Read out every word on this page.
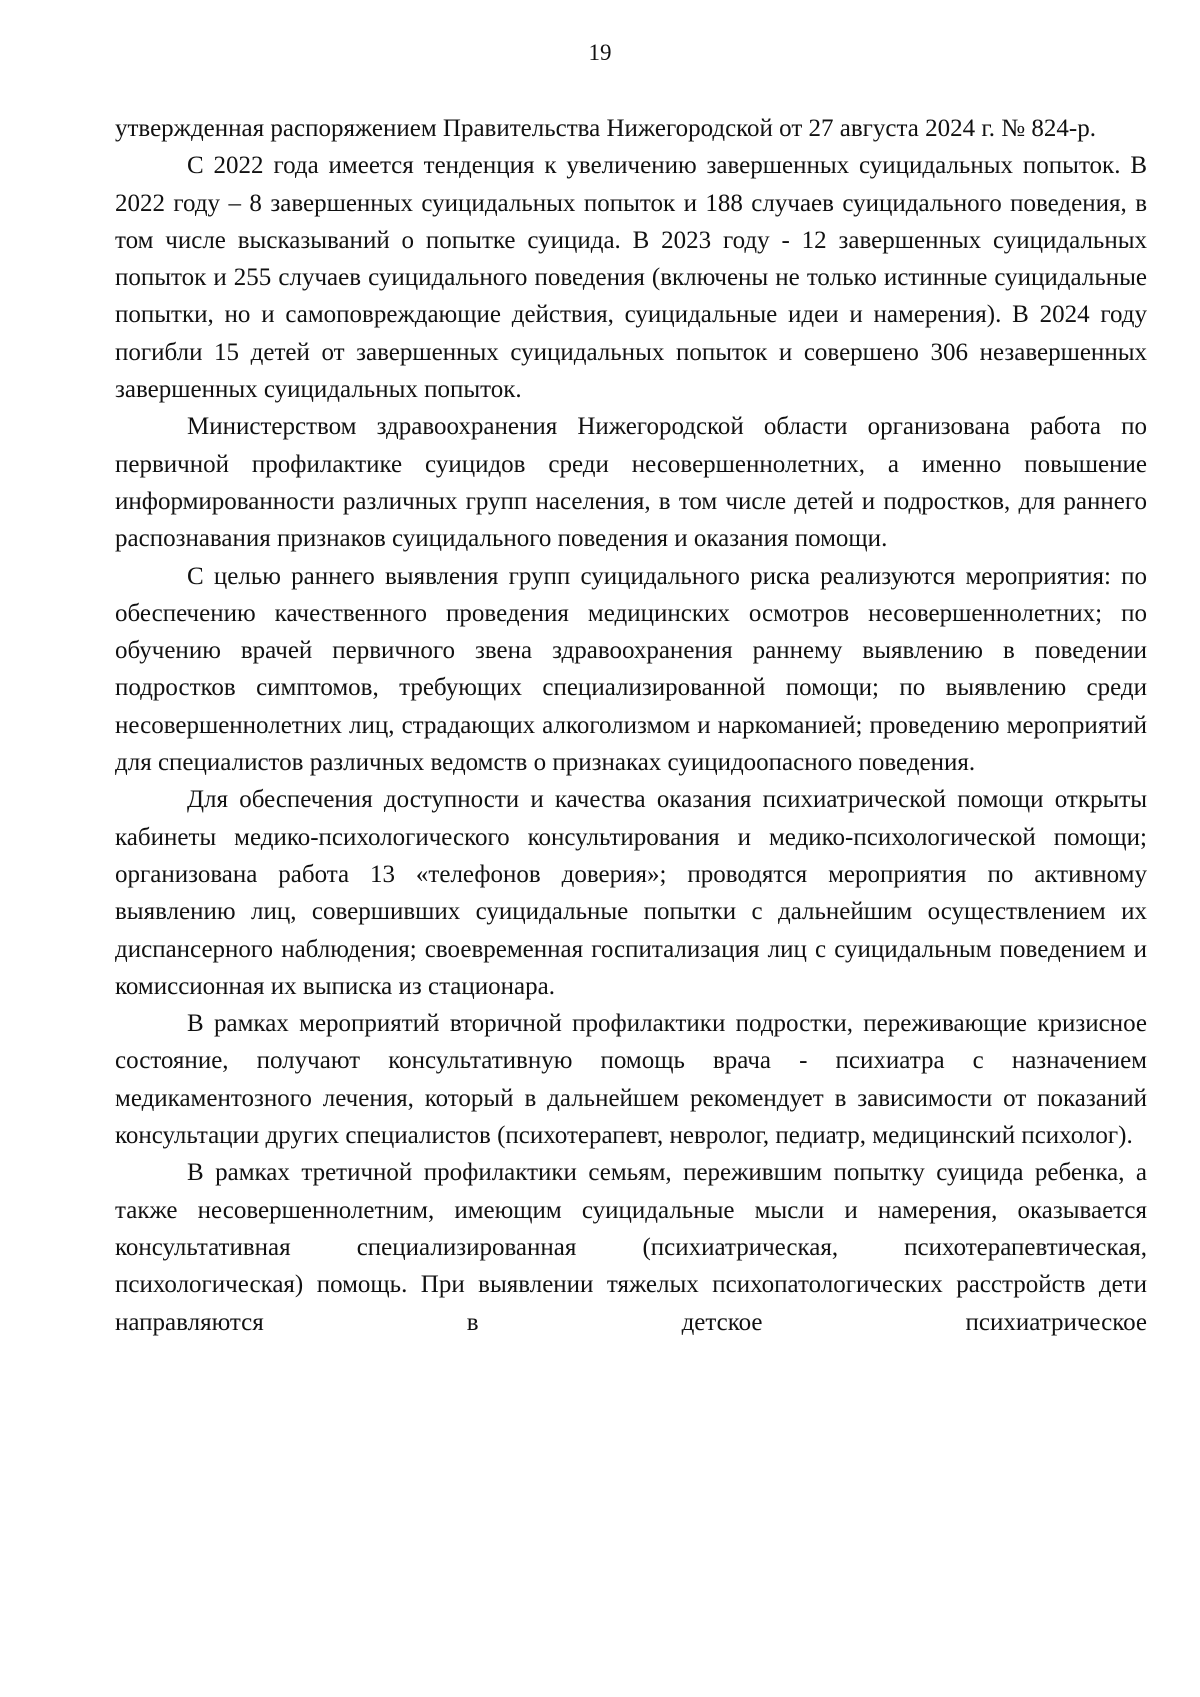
19

утвержденная распоряжением Правительства Нижегородской от 27 августа 2024 г. № 824-р.

С 2022 года имеется тенденция к увеличению завершенных суицидальных попыток. В 2022 году – 8 завершенных суицидальных попыток и 188 случаев суицидального поведения, в том числе высказываний о попытке суицида. В 2023 году - 12 завершенных суицидальных попыток и 255 случаев суицидального поведения (включены не только истинные суицидальные попытки, но и самоповреждающие действия, суицидальные идеи и намерения). В 2024 году погибли 15 детей от завершенных суицидальных попыток и совершено 306 незавершенных завершенных суицидальных попыток.

Министерством здравоохранения Нижегородской области организована работа по первичной профилактике суицидов среди несовершеннолетних, а именно повышение информированности различных групп населения, в том числе детей и подростков, для раннего распознавания признаков суицидального поведения и оказания помощи.

С целью раннего выявления групп суицидального риска реализуются мероприятия: по обеспечению качественного проведения медицинских осмотров несовершеннолетних; по обучению врачей первичного звена здравоохранения раннему выявлению в поведении подростков симптомов, требующих специализированной помощи; по выявлению среди несовершеннолетних лиц, страдающих алкоголизмом и наркоманией; проведению мероприятий для специалистов различных ведомств о признаках суицидоопасного поведения.

Для обеспечения доступности и качества оказания психиатрической помощи открыты кабинеты медико-психологического консультирования и медико-психологической помощи; организована работа 13 «телефонов доверия»; проводятся мероприятия по активному выявлению лиц, совершивших суицидальные попытки с дальнейшим осуществлением их диспансерного наблюдения; своевременная госпитализация лиц с суицидальным поведением и комиссионная их выписка из стационара.

В рамках мероприятий вторичной профилактики подростки, переживающие кризисное состояние, получают консультативную помощь врача - психиатра с назначением медикаментозного лечения, который в дальнейшем рекомендует в зависимости от показаний консультации других специалистов (психотерапевт, невролог, педиатр, медицинский психолог).

В рамках третичной профилактики семьям, пережившим попытку суицида ребенка, а также несовершеннолетним, имеющим суицидальные мысли и намерения, оказывается консультативная специализированная (психиатрическая, психотерапевтическая, психологическая) помощь. При выявлении тяжелых психопатологических расстройств дети направляются в детское психиатрическое
